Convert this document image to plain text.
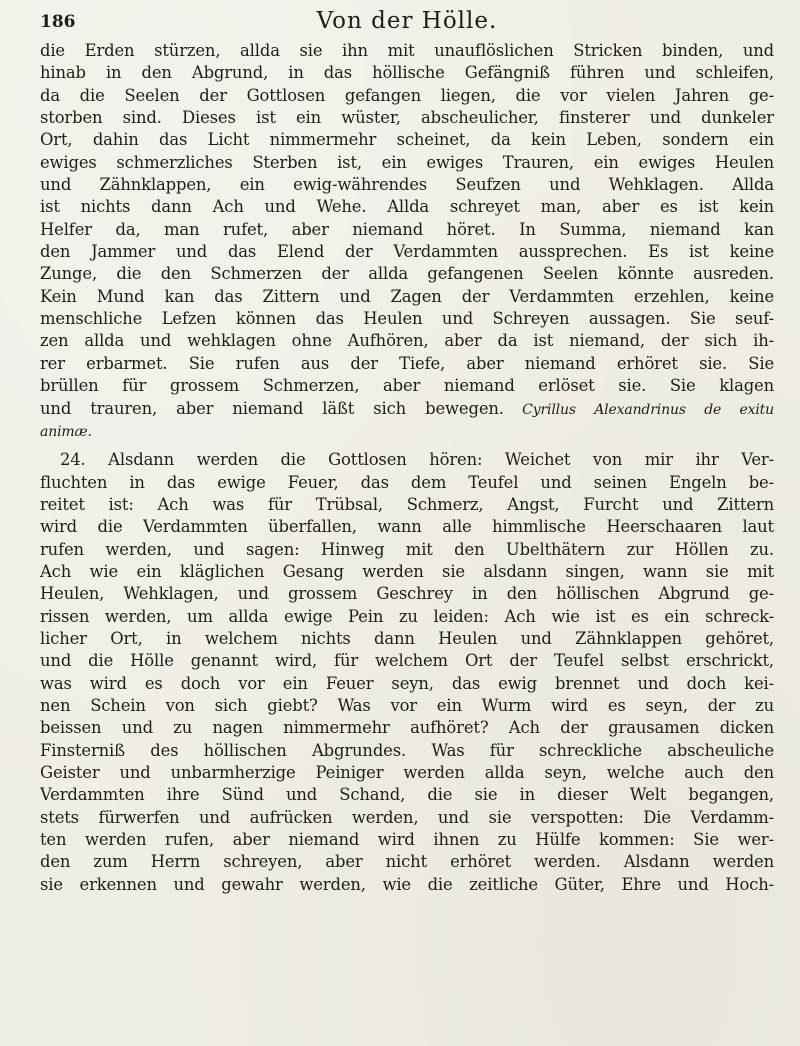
186	Von der Hölle.
die Erden stürzen, allda sie ihn mit unauflöslichen Stricken binden, und
hinab in den Abgrund, in das höllische Gefängniß führen und schleifen,
da die Seelen der Gottlosen gefangen liegen, die vor vielen Jahren ge-
storben sind. Dieses ist ein wüster, abscheulicher, finsterer und dunkeler
Ort, dahin das Licht nimmermehr scheinet, da kein Leben, sondern ein
ewiges schmerzliches Sterben ist, ein ewiges Trauren, ein ewiges Heulen
und Zähnklappen, ein ewig-währendes Seufzen und Wehklagen. Allda
ist nichts dann Ach und Wehe. Allda schreyet man, aber es ist kein
Helfer da, man rufet, aber niemand höret. In Summa, niemand kan
den Jammer und das Elend der Verdammten aussprechen. Es ist keine
Zunge, die den Schmerzen der allda gefangenen Seelen könnte ausreden.
Kein Mund kan das Zittern und Zagen der Verdammten erzehlen, keine
menschliche Lefzen können das Heulen und Schreyen aussagen. Sie seuf-
zen allda und wehklagen ohne Aufhören, aber da ist niemand, der sich ih-
rer erbarmet. Sie rufen aus der Tiefe, aber niemand erhöret sie. Sie
brüllen für grossem Schmerzen, aber niemand erlöset sie. Sie klagen
und trauren, aber niemand läßt sich bewegen. Cyrillus Alexandrinus de exitu
animæ.
24. Alsdann werden die Gottlosen hören: Weichet von mir ihr Ver-
fluchten in das ewige Feuer, das dem Teufel und seinen Engeln be-
reitet ist: Ach was für Trübsal, Schmerz, Angst, Furcht und Zittern
wird die Verdammten überfallen, wann alle himmlische Heerschaaren laut
rufen werden, und sagen: Hinweg mit den Ubelthätern zur Höllen zu.
Ach wie ein kläglichen Gesang werden sie alsdann singen, wann sie mit
Heulen, Wehklagen, und grossem Geschrey in den höllischen Abgrund ge-
rissen werden, um allda ewige Pein zu leiden: Ach wie ist es ein schreck-
licher Ort, in welchem nichts dann Heulen und Zähnklappen gehöret,
und die Hölle genannt wird, für welchem Ort der Teufel selbst erschrickt,
was wird es doch vor ein Feuer seyn, das ewig brennet und doch kei-
nen Schein von sich giebt? Was vor ein Wurm wird es seyn, der zu
beissen und zu nagen nimmermehr aufhöret? Ach der grausamen dicken
Finsterniß des höllischen Abgrundes. Was für schreckliche abscheuliche
Geister und unbarmherzige Peiniger werden allda seyn, welche auch den
Verdammten ihre Sünd und Schand, die sie in dieser Welt begangen,
stets fürwerfen und aufrücken werden, und sie verspotten: Die Verdamm-
ten werden rufen, aber niemand wird ihnen zu Hülfe kommen: Sie wer-
den zum Herrn schreyen, aber nicht erhöret werden. Alsdann werden
sie erkennen und gewahr werden, wie die zeitliche Güter, Ehre und Hoch-
